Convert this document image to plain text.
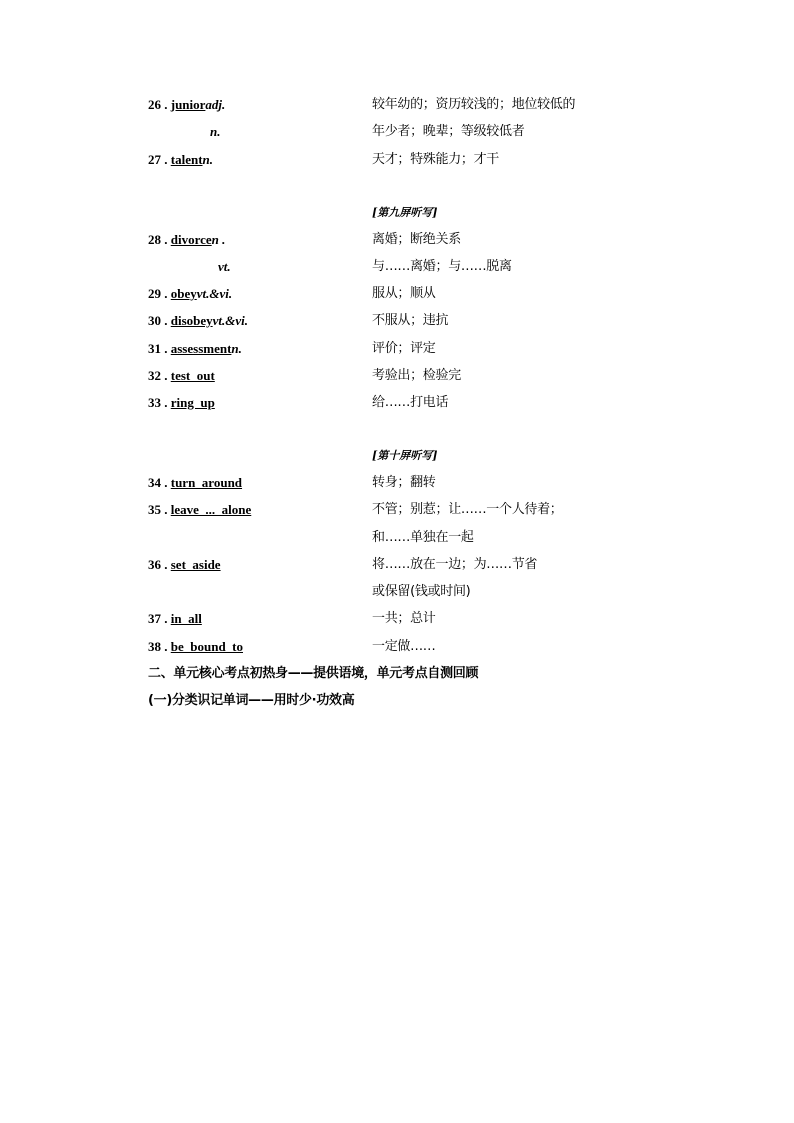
26 . junioradj.	较年幼的；资历较浅的；地位较低的
n.	年少者；晚辈；等级较低者
27 . talentn.	天才；特殊能力；才干
[第九屏听写]
28 . divorcen .	离婚；断绝关系
vt.	与……离婚；与……脱离
29 . obeyvt.&vi.	服从；顺从
30 . disobeyvt.&vi.	不服从；违抗
31 . assessmentn.	评价；评定
32 . test  out	考验出；检验完
33 . ring  up	给……打电话
[第十屏听写]
34 . turn  around	转身；翻转
35 . leave  ...  alone	不管；别惹；让……一个人待着；
和……单独在一起
36 . set  aside	将……放在一边；为……节省
或保留(钱或时间)
37 . in  all	一共；总计
38 . be  bound  to	一定做……
二、单元核心考点初热身——提供语境，单元考点自测回顾
(一)分类识记单词——用时少·功效高
